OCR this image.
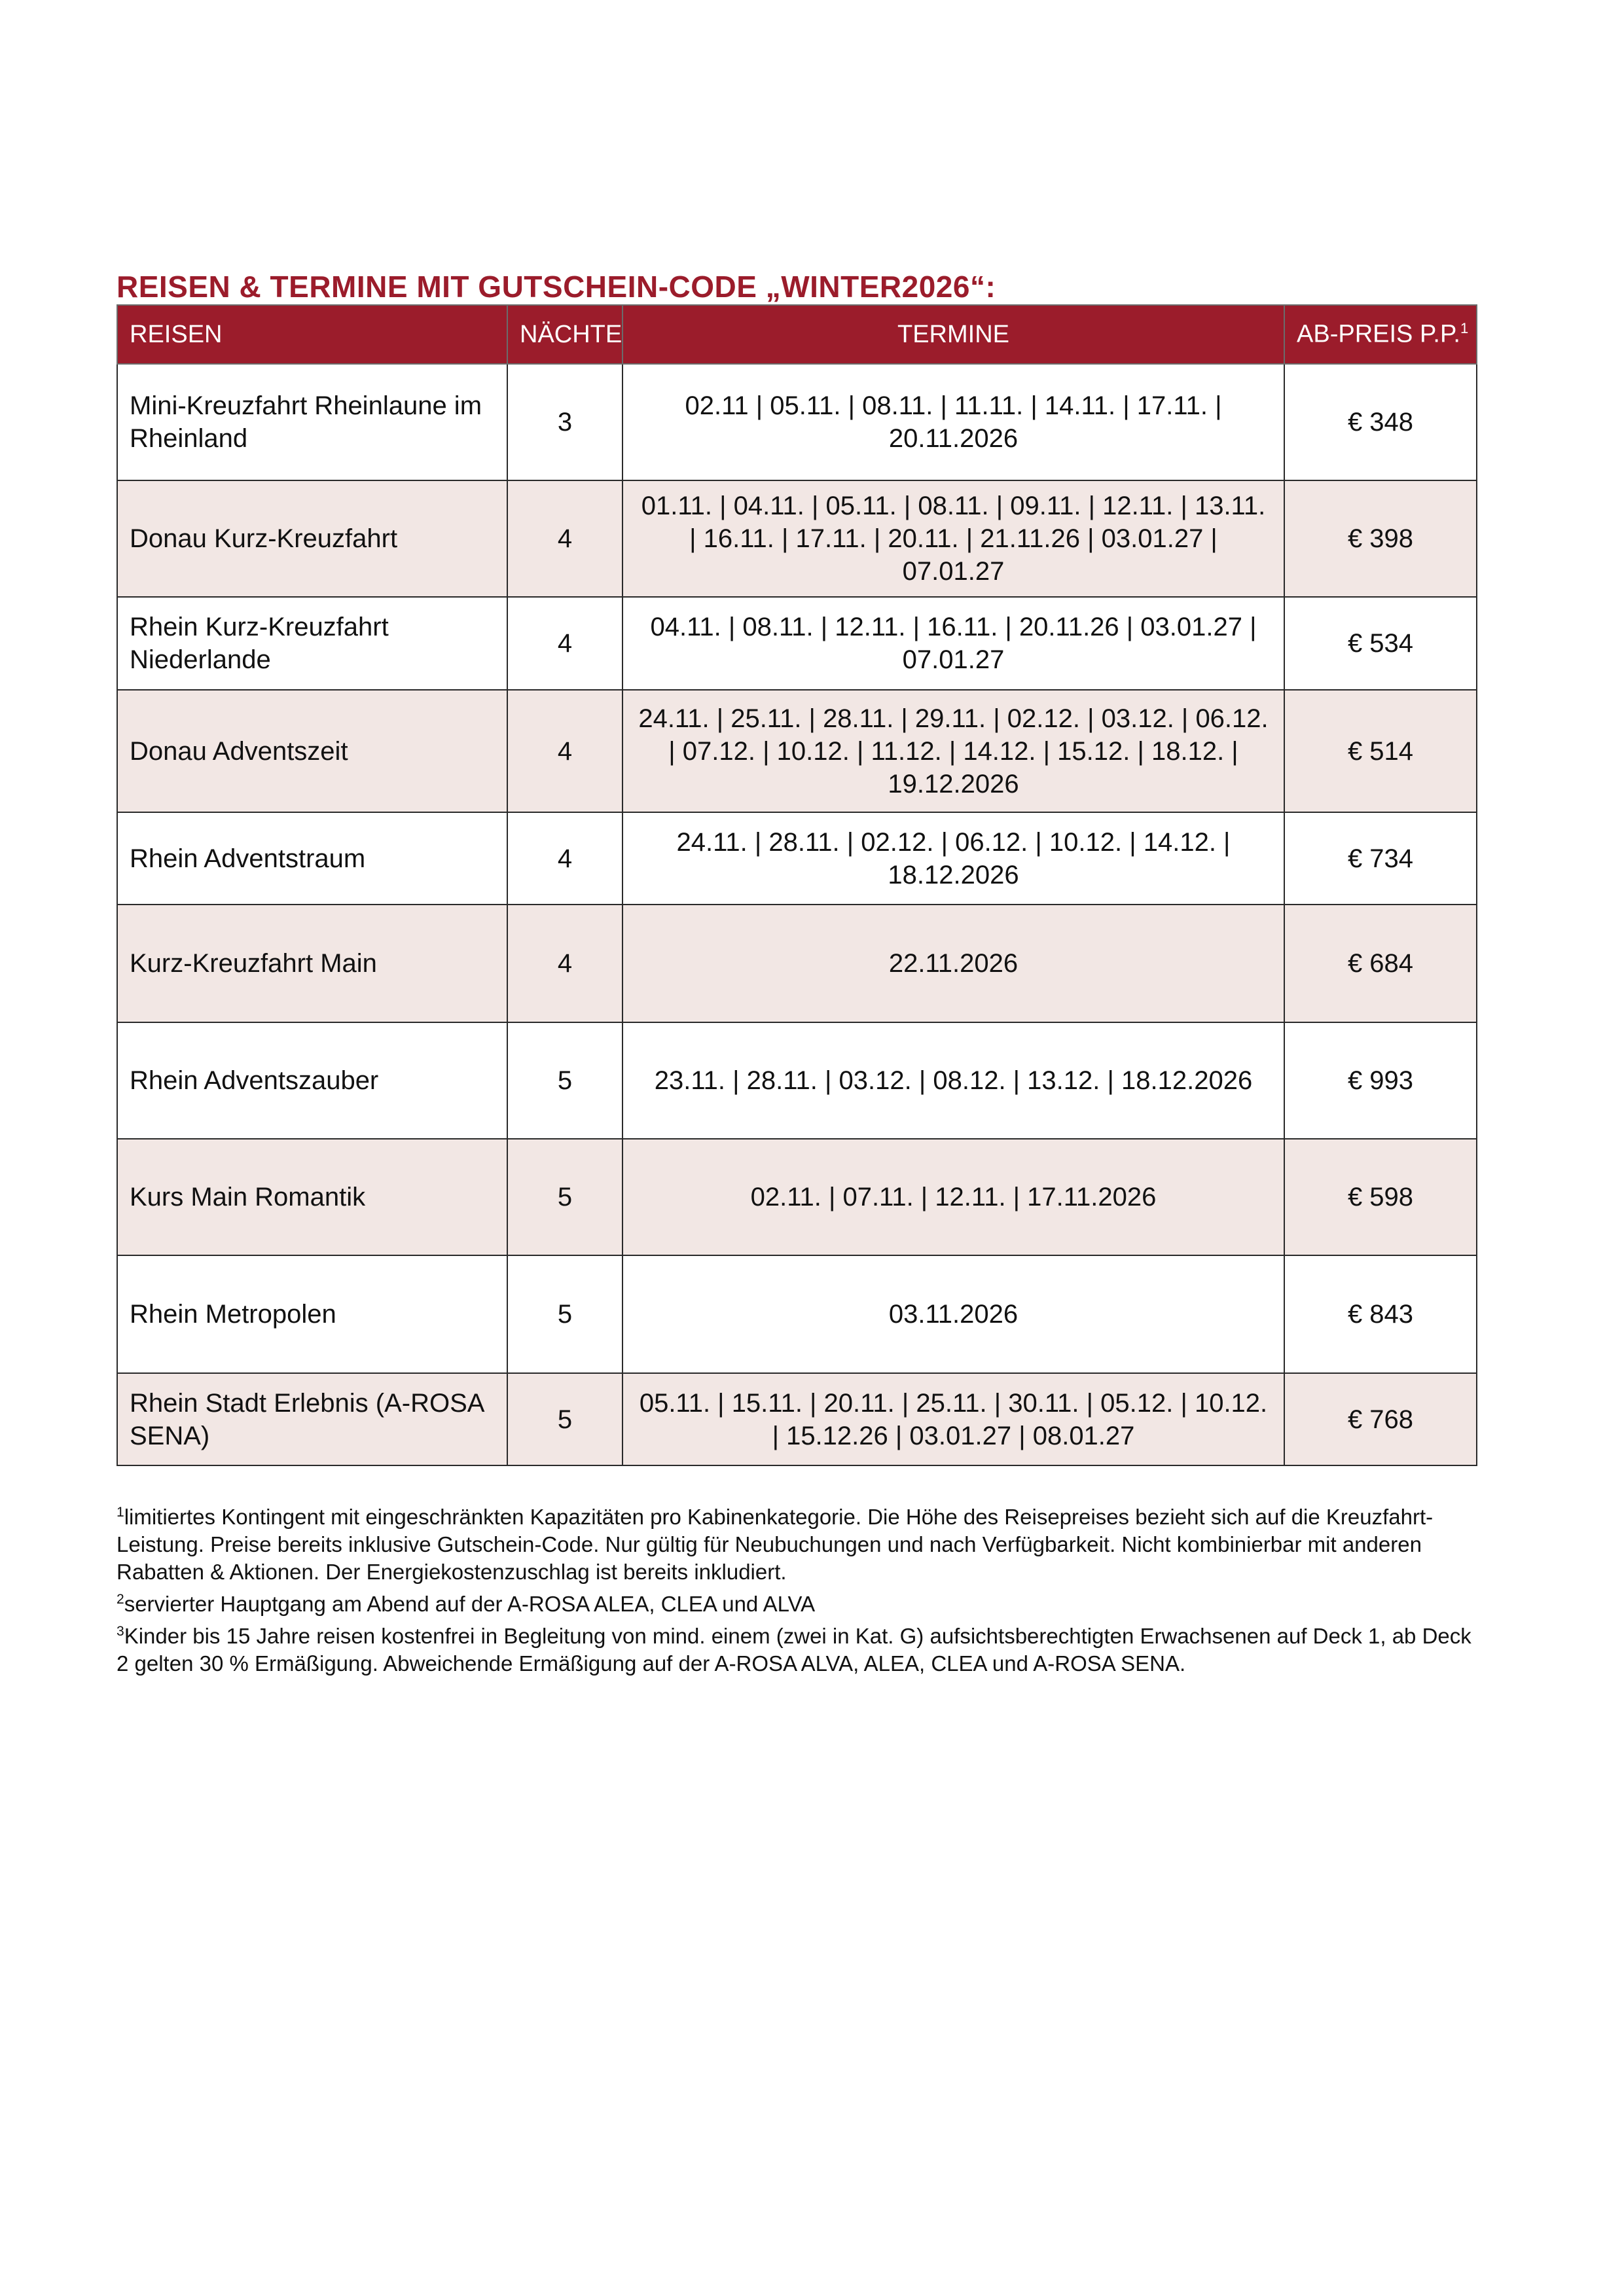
REISEN & TERMINE MIT GUTSCHEIN-CODE „WINTER2026“:
REISEN	NÄCHTE	TERMINE	AB-PREIS P.P.$^1$
Mini-Kreuzfahrt Rheinlaune im Rheinland	3	02.11 | 05.11. | 08.11. | 11.11. | 14.11. | 17.11. | 20.11.2026	€ 348
Donau Kurz-Kreuzfahrt	4	01.11. | 04.11. | 05.11. | 08.11. | 09.11. | 12.11. | 13.11. | 16.11. | 17.11. | 20.11. | 21.11.26 | 03.01.27 | 07.01.27	€ 398
Rhein Kurz-Kreuzfahrt Niederlande	4	04.11. | 08.11. | 12.11. | 16.11. | 20.11.26 | 03.01.27 | 07.01.27	€ 534
Donau Adventszeit	4	24.11. | 25.11. | 28.11. | 29.11. | 02.12. | 03.12. | 06.12. | 07.12. | 10.12. | 11.12. | 14.12. | 15.12. | 18.12. | 19.12.2026	€ 514
Rhein Adventstraum	4	24.11. | 28.11. | 02.12. | 06.12. | 10.12. | 14.12. | 18.12.2026	€ 734
Kurz-Kreuzfahrt Main	4	22.11.2026	€ 684
Rhein Adventszauber	5	23.11. | 28.11. | 03.12. | 08.12. | 13.12. | 18.12.2026	€ 993
Kurs Main Romantik	5	02.11. | 07.11. | 12.11. | 17.11.2026	€ 598
Rhein Metropolen	5	03.11.2026	€ 843
Rhein Stadt Erlebnis (A-ROSA SENA)	5	05.11. | 15.11. | 20.11. | 25.11. | 30.11. | 05.12. | 10.12. | 15.12.26 | 03.01.27 | 08.01.27	€ 768

$^1$limitiertes Kontingent mit eingeschränkten Kapazitäten pro Kabinenkategorie. Die Höhe des Reisepreises bezieht sich auf die Kreuzfahrt-Leistung. Preise bereits inklusive Gutschein-Code. Nur gültig für Neubuchungen und nach Verfügbarkeit. Nicht kombinierbar mit anderen Rabatten & Aktionen. Der Energiekostenzuschlag ist bereits inkludiert.

$^2$servierter Hauptgang am Abend auf der A-ROSA ALEA, CLEA und ALVA

$^3$Kinder bis 15 Jahre reisen kostenfrei in Begleitung von mind. einem (zwei in Kat. G) aufsichtsberechtigten Erwachsenen auf Deck 1, ab Deck 2 gelten 30 % Ermäßigung. Abweichende Ermäßigung auf der A-ROSA ALVA, ALEA, CLEA und A-ROSA SENA.
